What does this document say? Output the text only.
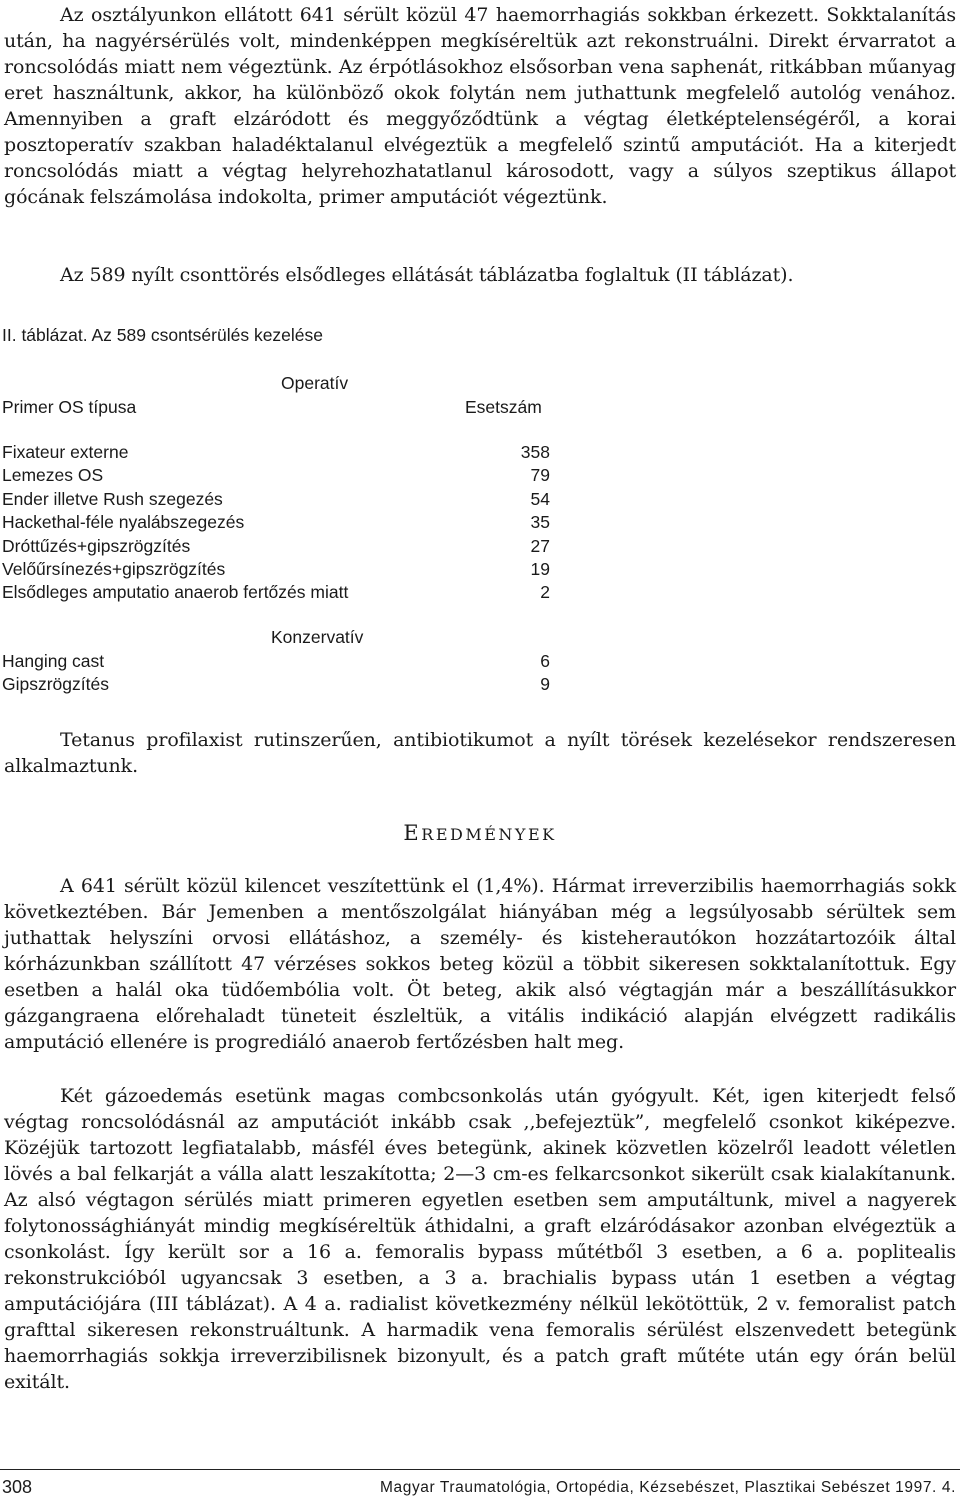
Az osztályunkon ellátott 641 sérült közül 47 haemorrhagiás sokkban érkezett. Sokktalanítás után, ha nagyérsérülés volt, mindenképpen megkíséreltük azt rekonstruálni. Direkt érvarratot a roncsolódás miatt nem végeztünk. Az érpótlásokhoz elsősorban vena saphenát, ritkábban műanyag eret használtunk, akkor, ha különböző okok folytán nem juthattunk megfelelő autológ venához. Amennyiben a graft elzáródott és meggyőződtünk a végtag életképtelenségéről, a korai posztoperatív szakban haladéktalanul elvégeztük a megfelelő szintű amputációt. Ha a kiterjedt roncsolódás miatt a végtag helyrehozhatatlanul károsodott, vagy a súlyos szeptikus állapot gócának felszámolása indokolta, primer amputációt végeztünk.

Az 589 nyílt csonttörés elsődleges ellátását táblázatba foglaltuk (II táblázat).

II. táblázat. Az 589 csontsérülés kezelése
Operatív
Primer OS típusa	Esetszám
Fixateur externe	358
Lemezes OS	79
Ender illetve Rush szegezés	54
Hackethal-féle nyalábszegezés	35
Dróttűzés+gipszrögzítés	27
Velőűrsínezés+gipszrögzítés	19
Elsődleges amputatio anaerob fertőzés miatt	2
Konzervatív
Hanging cast	6
Gipszrögzítés	9

Tetanus profilaxist rutinszerűen, antibiotikumot a nyílt törések kezelésekor rendszeresen alkalmaztunk.

EREDMÉNYEK

A 641 sérült közül kilencet veszítettünk el (1,4%). Hármat irreverzibilis haemorrhagiás sokk következtében. Bár Jemenben a mentőszolgálat hiányában még a legsúlyosabb sérültek sem juthattak helyszíni orvosi ellátáshoz, a személy- és kisteherautókon hozzátartozóik által kórházunkban szállított 47 vérzéses sokkos beteg közül a többit sikeresen sokktalanítottuk. Egy esetben a halál oka tüdőembólia volt. Öt beteg, akik alsó végtagján már a beszállításukkor gázgangraena előrehaladt tüneteit észleltük, a vitális indikáció alapján elvégzett radikális amputáció ellenére is progrediáló anaerob fertőzésben halt meg.

Két gázoedemás esetünk magas combcsonkolás után gyógyult. Két, igen kiterjedt felső végtag roncsolódásnál az amputációt inkább csak ,,befejeztük”, megfelelő csonkot kiképezve. Közéjük tartozott legfiatalabb, másfél éves betegünk, akinek közvetlen közelről leadott véletlen lövés a bal felkarját a válla alatt leszakította; 2—3 cm-es felkarcsonkot sikerült csak kialakítanunk. Az alsó végtagon sérülés miatt primeren egyetlen esetben sem amputáltunk, mivel a nagyerek folytonossághiányát mindig megkíséreltük áthidalni, a graft elzáródásakor azonban elvégeztük a csonkolást. Így került sor a 16 a. femoralis bypass műtétből 3 esetben, a 6 a. poplitealis rekonstrukcióból ugyancsak 3 esetben, a 3 a. brachialis bypass után 1 esetben a végtag amputációjára (III táblázat). A 4 a. radialist következmény nélkül lekötöttük, 2 v. femoralist patch grafttal sikeresen rekonstruáltunk. A harmadik vena femoralis sérülést elszenvedett betegünk haemorrhagiás sokkja irreverzibilisnek bizonyult, és a patch graft műtéte után egy órán belül exitált.

308	Magyar Traumatológia, Ortopédia, Kézsebészet, Plasztikai Sebészet 1997. 4.
